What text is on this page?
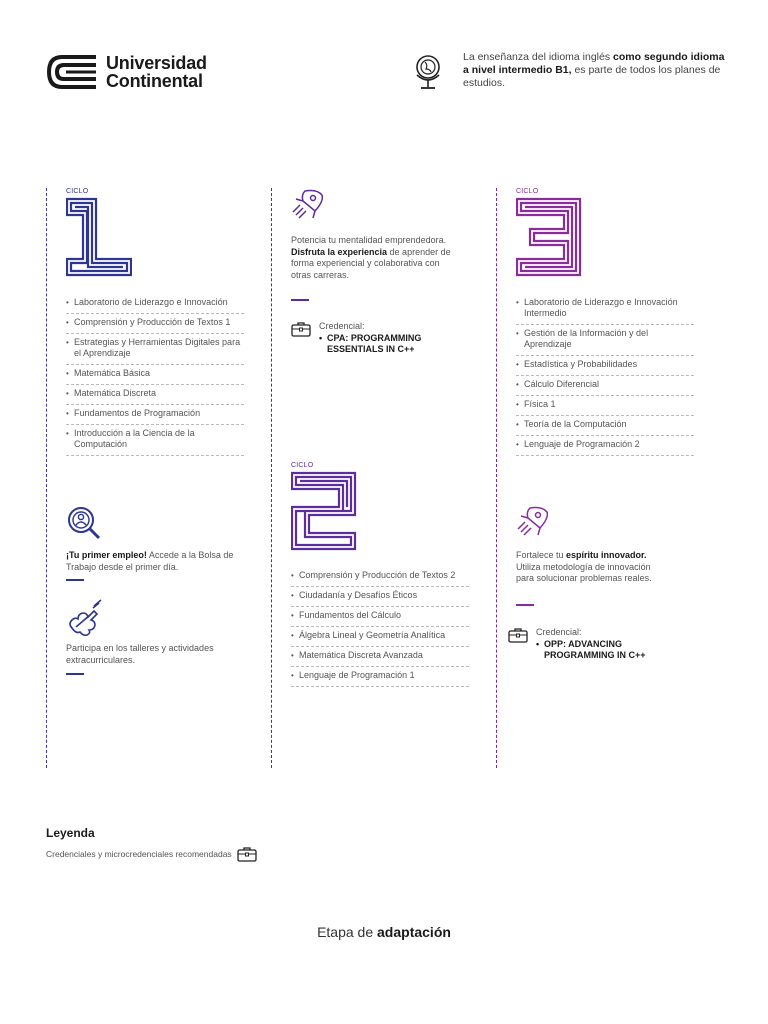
Universidad
Continental
La enseñanza del idioma inglés como segundo idioma a nivel intermedio B1, es parte de todos los planes de estudios.
CICLO
• Laboratorio de Liderazgo e Innovación
• Comprensión y Producción de Textos 1
• Estrategias y Herramientas Digitales para el Aprendizaje
• Matemática Básica
• Matemática Discreta
• Fundamentos de Programación
• Introducción a la Ciencia de la Computación
¡Tu primer empleo! Accede a la Bolsa de Trabajo desde el primer día.
Participa en los talleres y actividades extracurriculares.
Potencia tu mentalidad emprendedora. Disfruta la experiencia de aprender de forma experiencial y colaborativa con otras carreras.
Credencial:
• CPA: PROGRAMMING ESSENTIALS IN C++
CICLO
• Comprensión y Producción de Textos 2
• Ciudadanía y Desafíos Éticos
• Fundamentos del Cálculo
• Álgebra Lineal y Geometría Analítica
• Matemática Discreta Avanzada
• Lenguaje de Programación 1
CICLO
• Laboratorio de Liderazgo e Innovación Intermedio
• Gestión de la Información y del Aprendizaje
• Estadística y Probabilidades
• Cálculo Diferencial
• Física 1
• Teoría de la Computación
• Lenguaje de Programación 2
Fortalece tu espíritu innovador. Utiliza metodología de innovación para solucionar problemas reales.
Credencial:
• OPP: ADVANCING PROGRAMMING IN C++
Leyenda
Credenciales y microcredenciales recomendadas
Etapa de adaptación
